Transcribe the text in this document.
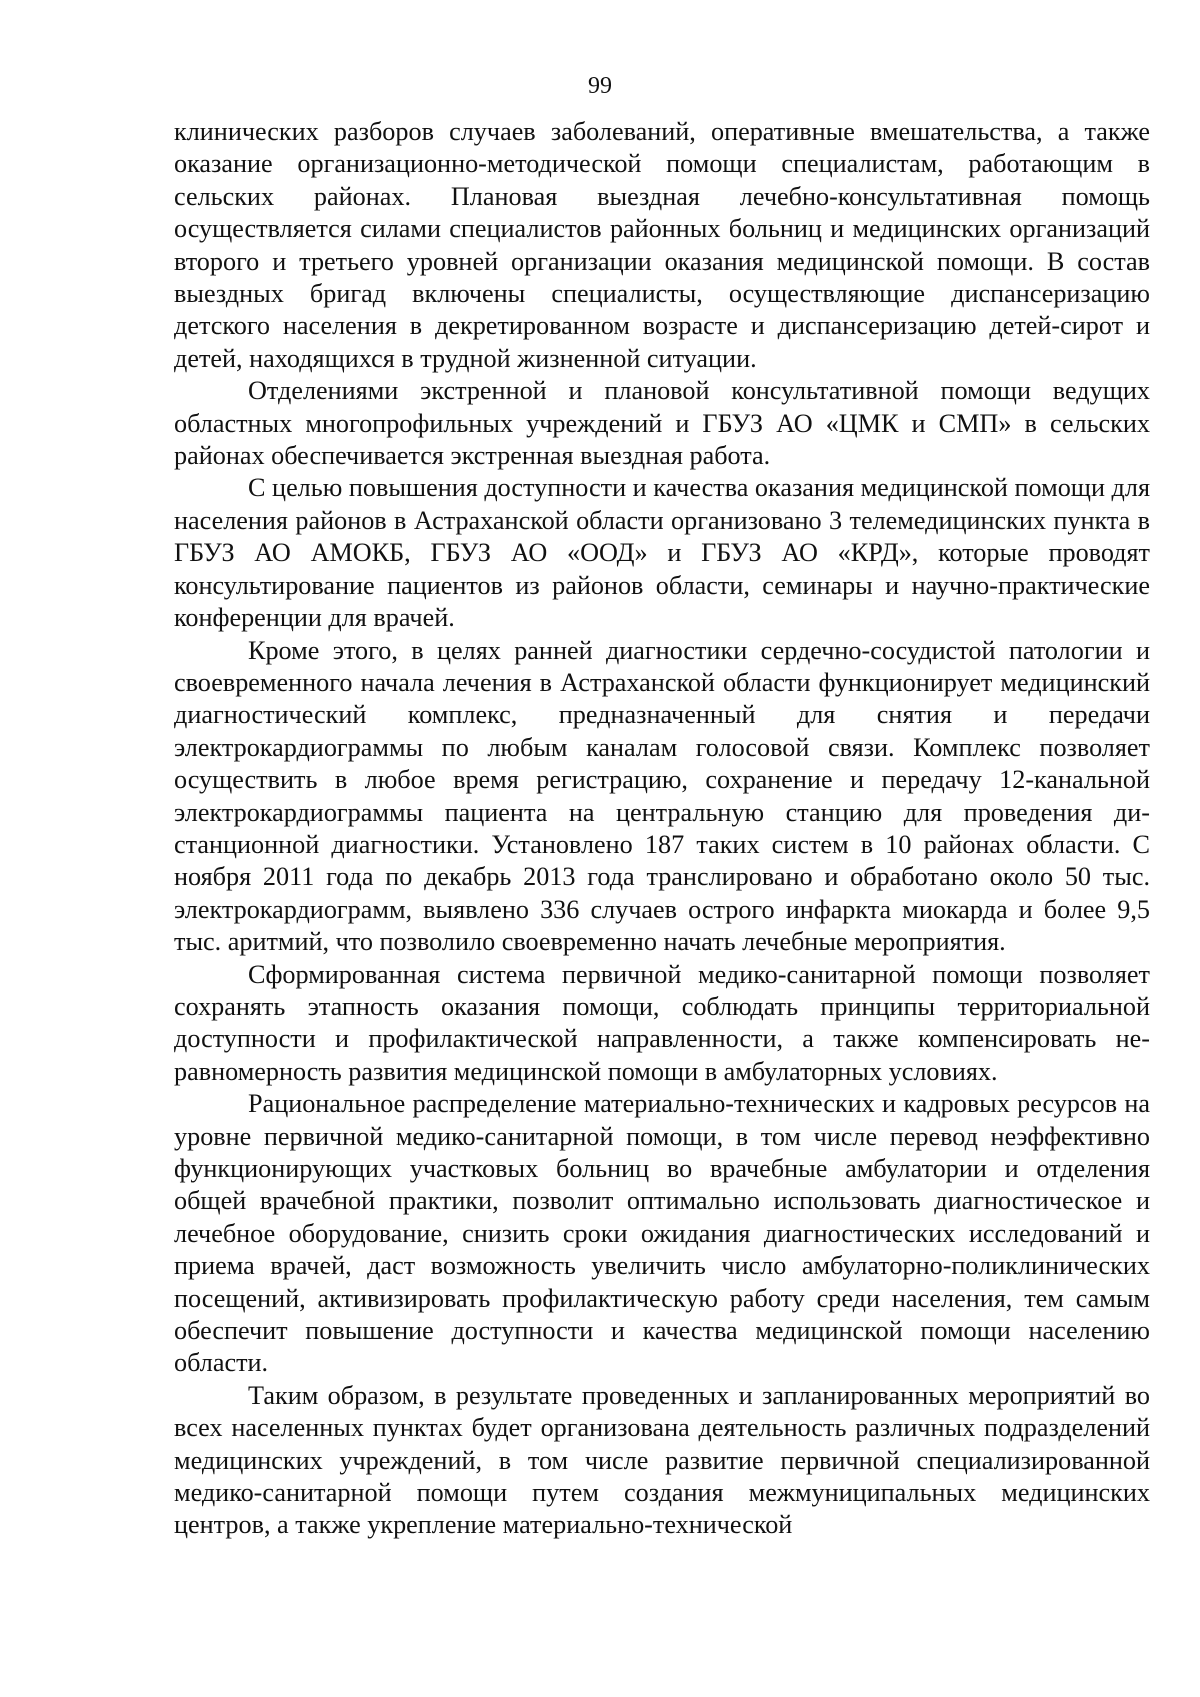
99

клинических разборов случаев заболеваний, оперативные вмешательства, а также оказание организационно-методической помощи специалистам, работающим в сельских районах. Плановая выездная лечебно-консультативная помощь осуществляется силами специалистов районных больниц и медицинских организаций второго и третьего уровней организации оказания медицинской помощи. В состав выездных бригад включены специалисты, осуществляющие диспансеризацию детского населения в декретированном возрасте и диспансеризацию детей-сирот и детей, находящихся в трудной жизненной ситуации.

Отделениями экстренной и плановой консультативной помощи ведущих областных многопрофильных учреждений и ГБУЗ АО «ЦМК и СМП» в сельских районах обеспечивается экстренная выездная работа.

С целью повышения доступности и качества оказания медицинской помощи для населения районов в Астраханской области организовано 3 телемедицинских пункта в ГБУЗ АО АМОКБ, ГБУЗ АО «ООД» и ГБУЗ АО «КРД», которые проводят консультирование пациентов из районов области, семинары и научно-практические конференции для врачей.

Кроме этого, в целях ранней диагностики сердечно-сосудистой патологии и своевременного начала лечения в Астраханской области функционирует медицинский диагностический комплекс, предназначенный для снятия и передачи электрокардиограммы по любым каналам голосовой связи. Комплекс позволяет осуществить в любое время регистрацию, сохранение и передачу 12-канальной электрокардиограммы пациента на центральную станцию для проведения дистанционной диагностики. Установлено 187 таких систем в 10 районах области. С ноября 2011 года по декабрь 2013 года транслировано и обработано около 50 тыс. электрокардиограмм, выявлено 336 случаев острого инфаркта миокарда и более 9,5 тыс. аритмий, что позволило своевременно начать лечебные мероприятия.

Сформированная система первичной медико-санитарной помощи позволяет сохранять этапность оказания помощи, соблюдать принципы территориальной доступности и профилактической направленности, а также компенсировать неравномерность развития медицинской помощи в амбулаторных условиях.

Рациональное распределение материально-технических и кадровых ресурсов на уровне первичной медико-санитарной помощи, в том числе перевод неэффективно функционирующих участковых больниц во врачебные амбулатории и отделения общей врачебной практики, позволит оптимально использовать диагностическое и лечебное оборудование, снизить сроки ожидания диагностических исследований и приема врачей, даст возможность увеличить число амбулаторно-поликлинических посещений, активизировать профилактическую работу среди населения, тем самым обеспечит повышение доступности и качества медицинской помощи населению области.

Таким образом, в результате проведенных и запланированных мероприятий во всех населенных пунктах будет организована деятельность различных подразделений медицинских учреждений, в том числе развитие первичной специализированной медико-санитарной помощи путем создания межмуниципальных медицинских центров, а также укрепление материально-технической
